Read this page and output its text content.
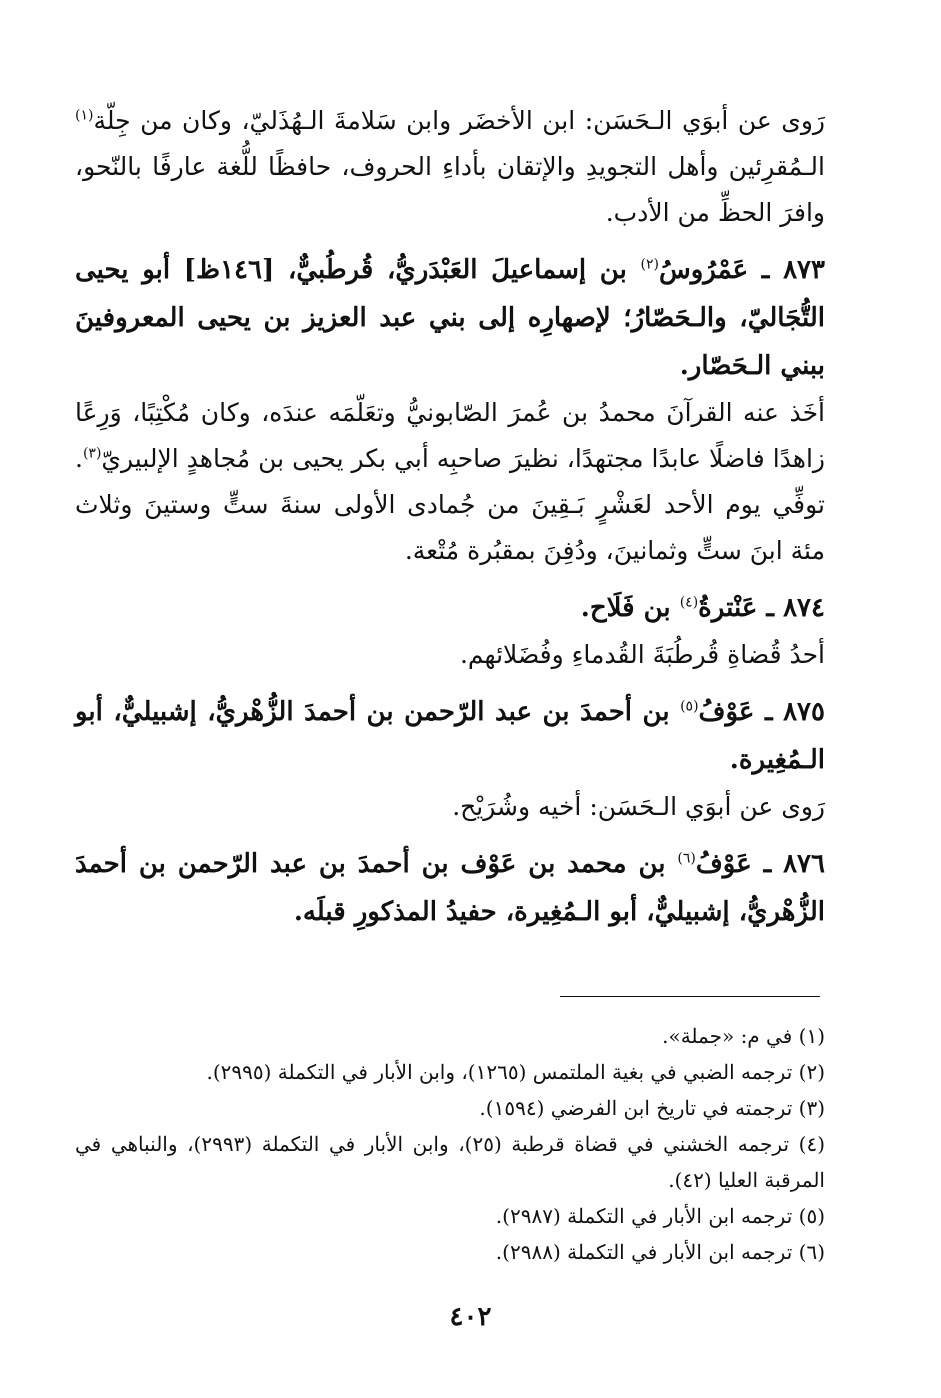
رَوى عن أبوَي الـحَسَن: ابن الأخضَر وابن سَلامةَ الـهُذَليّ، وكان من جِلّة$^{(١)}$ الـمُقرِئين وأهل التجويدِ والإتقان بأداءِ الحروف، حافظًا للُّغة عارفًا بالنّحو، وافرَ الحظِّ من الأدب.

٨٧٣ ـ عَمْرُوسُ$^{(٢)}$ بن إسماعيلَ العَبْدَريُّ، قُرطُبيٌّ، [١٤٦ظ] أبو يحيى التُّجَاليّ، والـحَصّارُ؛ لإصهارِه إلى بني عبد العزيز بن يحيى المعروفينَ ببني الـحَصّار.

أخَذ عنه القرآنَ محمدُ بن عُمرَ الصّابونيُّ وتعَلّمَه عندَه، وكان مُكْتِبًا، وَرِعًا زاهدًا فاضلًا عابدًا مجتهدًا، نظيرَ صاحبِه أبي بكر يحيى بن مُجاهدٍ الإلبيريّ$^{(٣)}$. توفِّي يوم الأحد لعَشْرٍ بَـقِينَ من جُمادى الأولى سنةَ ستٍّ وستينَ وثلاث مئة ابنَ ستٍّ وثمانينَ، ودُفِنَ بمقبُرة مُتْعة.

٨٧٤ ـ عَنْترةُ$^{(٤)}$ بن فَلَاح.

أحدُ قُضاةِ قُرطُبَةَ القُدماءِ وفُضَلائهم.

٨٧٥ ـ عَوْفُ$^{(٥)}$ بن أحمدَ بن عبد الرّحمن بن أحمدَ الزُّهْريُّ، إشبيليٌّ، أبو الـمُغِيرة.

رَوى عن أبوَي الـحَسَن: أخيه وشُرَيْح.

٨٧٦ ـ عَوْفُ$^{(٦)}$ بن محمد بن عَوْف بن أحمدَ بن عبد الرّحمن بن أحمدَ الزُّهْريُّ، إشبيليٌّ، أبو الـمُغِيرة، حفيدُ المذكورِ قبلَه.

(١) في م: «جملة».

(٢) ترجمه الضبي في بغية الملتمس (١٢٦٥)، وابن الأبار في التكملة (٢٩٩٥).

(٣) ترجمته في تاريخ ابن الفرضي (١٥٩٤).

(٤) ترجمه الخشني في قضاة قرطبة (٢٥)، وابن الأبار في التكملة (٢٩٩٣)، والنباهي في المرقبة العليا (٤٢).

(٥) ترجمه ابن الأبار في التكملة (٢٩٨٧).

(٦) ترجمه ابن الأبار في التكملة (٢٩٨٨).

٤٠٢
